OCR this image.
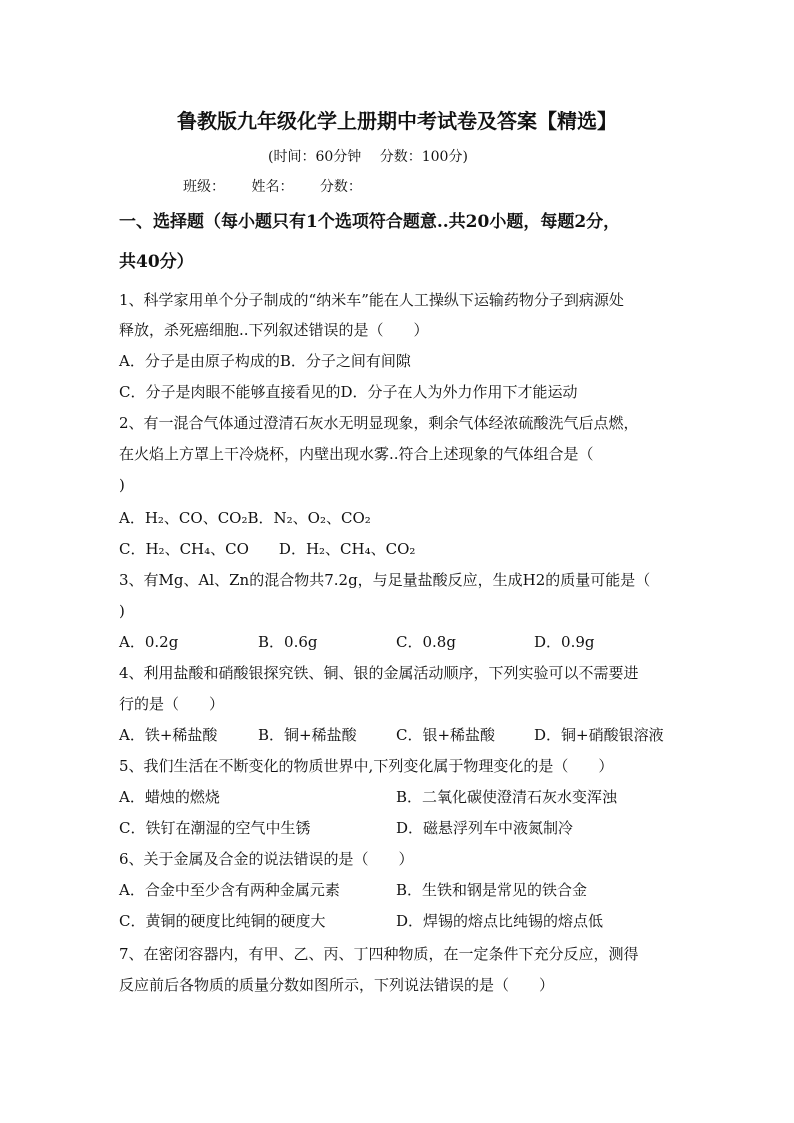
鲁教版九年级化学上册期中考试卷及答案【精选】
(时间：60分钟　 分数：100分)
班级： 姓名： 分数：
一、选择题（每小题只有1个选项符合题意..共20小题，每题2分，
共40分）
1、科学家用单个分子制成的“纳米车”能在人工操纵下运输药物分子到病源处
释放，杀死癌细胞..下列叙述错误的是（　　）
A．分子是由原子构成的B．分子之间有间隙
C．分子是肉眼不能够直接看见的D．分子在人为外力作用下才能运动
2、有一混合气体通过澄清石灰水无明显现象，剩余气体经浓硫酸洗气后点燃，
在火焰上方罩上干冷烧杯，内壁出现水雾..符合上述现象的气体组合是（
)
A．H₂、CO、CO₂B．N₂、O₂、CO₂
C．H₂、CH₄、CO　　D．H₂、CH₄、CO₂
3、有Mg、Al、Zn的混合物共7.2g，与足量盐酸反应，生成H2的质量可能是（
)
A．0.2g	B．0.6g	C．0.8g	D．0.9g
4、利用盐酸和硝酸银探究铁、铜、银的金属活动顺序，下列实验可以不需要进
行的是（　　）
A．铁+稀盐酸	B．铜+稀盐酸	C．银+稀盐酸	D．铜+硝酸银溶液
5、我们生活在不断变化的物质世界中,下列变化属于物理变化的是（　　）
A．蜡烛的燃烧	B．二氧化碳使澄清石灰水变浑浊
C．铁钉在潮湿的空气中生锈	D．磁悬浮列车中液氮制冷
6、关于金属及合金的说法错误的是（　　）
A．合金中至少含有两种金属元素	B．生铁和钢是常见的铁合金
C．黄铜的硬度比纯铜的硬度大	D．焊锡的熔点比纯锡的熔点低
7、在密闭容器内，有甲、乙、丙、丁四种物质，在一定条件下充分反应，测得
反应前后各物质的质量分数如图所示，下列说法错误的是（　　）
